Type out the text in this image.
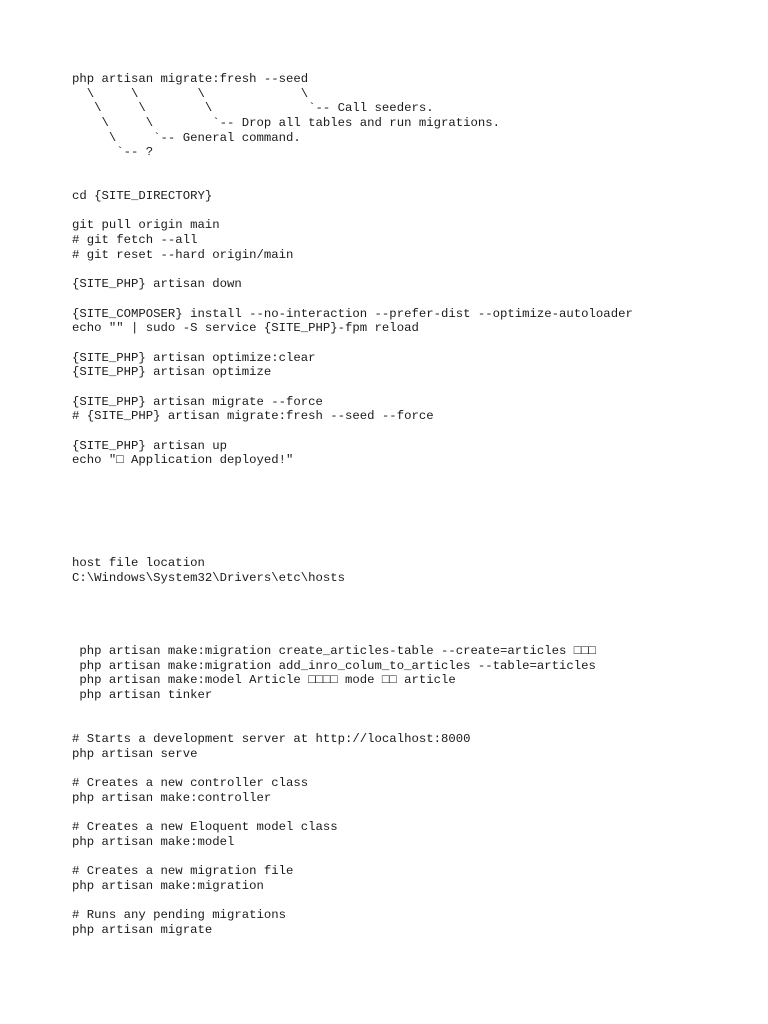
php artisan migrate:fresh --seed
\     \        \             \
\     \        \             `-- Call seeders.
\     \        `-- Drop all tables and run migrations.
\     `-- General command.
`-- ?
cd {SITE_DIRECTORY}
git pull origin main
# git fetch --all
# git reset --hard origin/main
{SITE_PHP} artisan down
{SITE_COMPOSER} install --no-interaction --prefer-dist --optimize-autoloader
echo "" | sudo -S service {SITE_PHP}-fpm reload
{SITE_PHP} artisan optimize:clear
{SITE_PHP} artisan optimize
{SITE_PHP} artisan migrate --force
# {SITE_PHP} artisan migrate:fresh --seed --force
{SITE_PHP} artisan up
echo "□ Application deployed!"
host file location
C:\Windows\System32\Drivers\etc\hosts
php artisan make:migration create_articles-table --create=articles □□□
php artisan make:migration add_inro_colum_to_articles --table=articles
php artisan make:model Article □□□□ mode □□ article
php artisan tinker
# Starts a development server at http://localhost:8000
php artisan serve
# Creates a new controller class
php artisan make:controller
# Creates a new Eloquent model class
php artisan make:model
# Creates a new migration file
php artisan make:migration
# Runs any pending migrations
php artisan migrate
